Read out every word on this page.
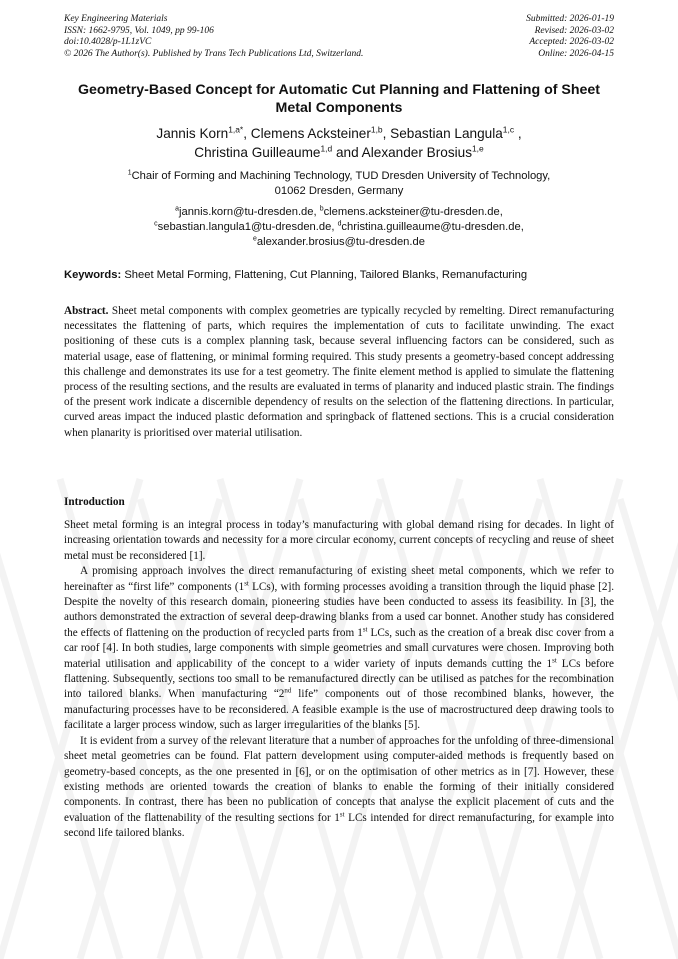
Key Engineering Materials
ISSN: 1662-9795, Vol. 1049, pp 99-106
doi:10.4028/p-1L1zVC
© 2026 The Author(s). Published by Trans Tech Publications Ltd, Switzerland.
Submitted: 2026-01-19
Revised: 2026-03-02
Accepted: 2026-03-02
Online: 2026-04-15
Geometry-Based Concept for Automatic Cut Planning and Flattening of Sheet Metal Components
Jannis Korn$^{1,a*}$, Clemens Acksteiner$^{1,b}$, Sebastian Langula$^{1,c}$ ,
Christina Guilleaume$^{1,d}$ and Alexander Brosius$^{1,e}$
$^1$Chair of Forming and Machining Technology, TUD Dresden University of Technology,
01062 Dresden, Germany
$^a$jannis.korn@tu-dresden.de, $^b$clemens.acksteiner@tu-dresden.de,
$^c$sebastian.langula1@tu-dresden.de, $^d$christina.guilleaume@tu-dresden.de,
$^e$alexander.brosius@tu-dresden.de
Keywords: Sheet Metal Forming, Flattening, Cut Planning, Tailored Blanks, Remanufacturing
Abstract. Sheet metal components with complex geometries are typically recycled by remelting. Direct remanufacturing necessitates the flattening of parts, which requires the implementation of cuts to facilitate unwinding. The exact positioning of these cuts is a complex planning task, because several influencing factors can be considered, such as material usage, ease of flattening, or minimal forming required. This study presents a geometry-based concept addressing this challenge and demonstrates its use for a test geometry. The finite element method is applied to simulate the flattening process of the resulting sections, and the results are evaluated in terms of planarity and induced plastic strain. The findings of the present work indicate a discernible dependency of results on the selection of the flattening directions. In particular, curved areas impact the induced plastic deformation and springback of flattened sections. This is a crucial consideration when planarity is prioritised over material utilisation.
Introduction

Sheet metal forming is an integral process in today’s manufacturing with global demand rising for decades. In light of increasing orientation towards and necessity for a more circular economy, current concepts of recycling and reuse of sheet metal must be reconsidered [1].

A promising approach involves the direct remanufacturing of existing sheet metal components, which we refer to hereinafter as “first life” components (1st LCs), with forming processes avoiding a transition through the liquid phase [2]. Despite the novelty of this research domain, pioneering studies have been conducted to assess its feasibility. In [3], the authors demonstrated the extraction of several deep-drawing blanks from a used car bonnet. Another study has considered the effects of flattening on the production of recycled parts from 1st LCs, such as the creation of a break disc cover from a car roof [4]. In both studies, large components with simple geometries and small curvatures were chosen. Improving both material utilisation and applicability of the concept to a wider variety of inputs demands cutting the 1st LCs before flattening. Subsequently, sections too small to be remanufactured directly can be utilised as patches for the recombination into tailored blanks. When manufacturing “2nd life” components out of those recombined blanks, however, the manufacturing processes have to be reconsidered. A feasible example is the use of macrostructured deep drawing tools to facilitate a larger process window, such as larger irregularities of the blanks [5].

It is evident from a survey of the relevant literature that a number of approaches for the unfolding of three-dimensional sheet metal geometries can be found. Flat pattern development using computer-aided methods is frequently based on geometry-based concepts, as the one presented in [6], or on the optimisation of other metrics as in [7]. However, these existing methods are oriented towards the creation of blanks to enable the forming of their initially considered components. In contrast, there has been no publication of concepts that analyse the explicit placement of cuts and the evaluation of the flattenability of the resulting sections for 1st LCs intended for direct remanufacturing, for example into second life tailored blanks.
